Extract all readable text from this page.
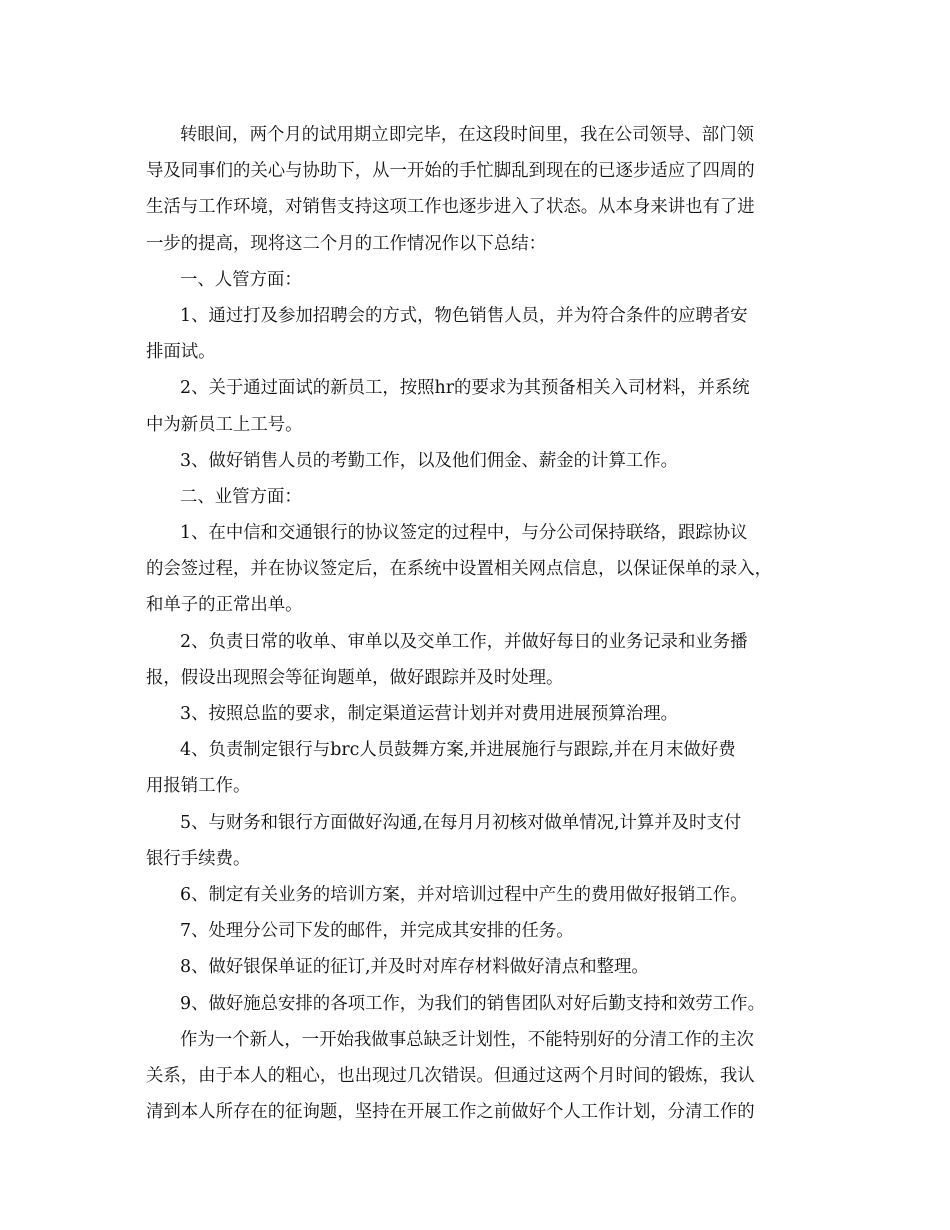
转眼间，两个月的试用期立即完毕，在这段时间里，我在公司领导、部门领
导及同事们的关心与协助下，从一开始的手忙脚乱到现在的已逐步适应了四周的
生活与工作环境，对销售支持这项工作也逐步进入了状态。从本身来讲也有了进
一步的提高，现将这二个月的工作情况作以下总结：
一、人管方面：
1、通过打及参加招聘会的方式，物色销售人员，并为符合条件的应聘者安
排面试。
2、关于通过面试的新员工，按照hr的要求为其预备相关入司材料，并系统
中为新员工上工号。
3、做好销售人员的考勤工作，以及他们佣金、薪金的计算工作。
二、业管方面：
1、在中信和交通银行的协议签定的过程中，与分公司保持联络，跟踪协议
的会签过程，并在协议签定后，在系统中设置相关网点信息，以保证保单的录入，
和单子的正常出单。
2、负责日常的收单、审单以及交单工作，并做好每日的业务记录和业务播
报，假设出现照会等征询题单，做好跟踪并及时处理。
3、按照总监的要求，制定渠道运营计划并对费用进展预算治理。
4、负责制定银行与brc人员鼓舞方案,并进展施行与跟踪,并在月末做好费
用报销工作。
5、与财务和银行方面做好沟通,在每月月初核对做单情况,计算并及时支付
银行手续费。
6、制定有关业务的培训方案，并对培训过程中产生的费用做好报销工作。
7、处理分公司下发的邮件，并完成其安排的任务。
8、做好银保单证的征订,并及时对库存材料做好清点和整理。
9、做好施总安排的各项工作，为我们的销售团队对好后勤支持和效劳工作。
作为一个新人，一开始我做事总缺乏计划性，不能特别好的分清工作的主次
关系，由于本人的粗心，也出现过几次错误。但通过这两个月时间的锻炼，我认
清到本人所存在的征询题，坚持在开展工作之前做好个人工作计划，分清工作的
